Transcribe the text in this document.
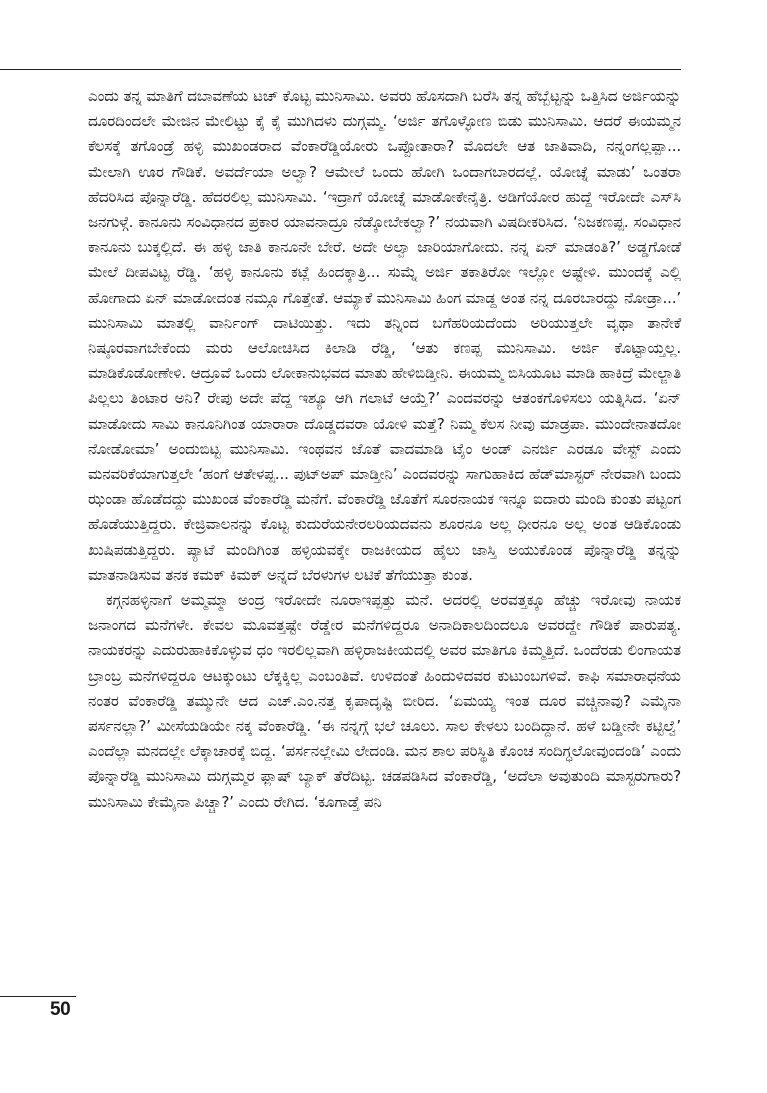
ಎಂದು ತನ್ನ ಮಾತಿಗೆ ದಬಾವಣೆಯ ಟಚ್ ಕೊಟ್ಟ ಮುನಿಸಾಮಿ. ಅವರು ಹೊಸದಾಗಿ ಬರೆಸಿ ತನ್ನ ಹೆಬ್ಬೆಟ್ಟನ್ನು ಒತ್ತಿಸಿದ ಅರ್ಜಿಯನ್ನು ದೂರದಿಂದಲೇ ಮೇಜಿನ ಮೇಲಿಟ್ಟು ಕೈ ಕೈ ಮುಗಿದಳು ದುಗ್ಗಮ್ಮ. ‘ಅರ್ಜಿ ತಗೊಳ್ಳೋಣ ಬಿಡು ಮುನಿಸಾಮಿ. ಆದರೆ ಈಯಮ್ಮನ ಕೆಲಸಕ್ಕೆ ತಗೊಂಡ್ರೆ ಹಳ್ಳಿ ಮುಖಂಡರಾದ ವೆಂಕಾರೆಡ್ಡಿಯೋರು ಒಪ್ಪೋತಾರಾ? ಮೊದಲೇ ಆತ ಜಾತಿವಾದಿ, ನನ್ನಂಗಲ್ಲಪ್ಪಾ... ಮೇಲಾಗಿ ಊರ ಗೌಡಿಕೆ. ಅವರ್ದೆಯಾ ಅಲ್ವಾ? ಆಮೇಲೆ ಒಂದು ಹೋಗಿ ಒಂದಾಗಬಾರದಲ್ಲೆ. ಯೋಚ್ನೆ ಮಾಡು’ ಒಂತರಾ ಹೆದರಿಸಿದ ಪೊನ್ನಾರೆಡ್ಡಿ. ಹೆದರಲಿಲ್ಲ ಮುನಿಸಾಮಿ. ‘ಇದ್ರಾಗೆ ಯೋಚ್ನೆ ಮಾಡೋಕೇನೈತ್ರಿ. ಅಡಿಗೆಯೋರ ಹುದ್ದೆ ಇರೋದೇ ಎಸ್‌ಸಿ ಜನಗುಳ್ಗೆ. ಕಾನೂನು ಸಂವಿಧಾನದ ಪ್ರಕಾರ ಯಾವನಾದ್ರೂ ನೆಡ್ಕೋಬೇಕಲ್ವಾ?’ ನಯವಾಗಿ ವಿಷದೀಕರಿಸಿದ. ‘ನಿಜಕಣಪ್ಪ. ಸಂವಿಧಾನ ಕಾನೂನು ಬುಕ್ಕಲ್ಲಿದೆ. ಈ ಹಳ್ಳಿ ಜಾತಿ ಕಾನೂನೇ ಬೇರೆ. ಅದೇ ಅಲ್ವಾ ಜಾರಿಯಾಗೋದು. ನನ್ನ ಏನ್ ಮಾಡಂತಿ?’ ಅಡ್ಡಗೋಡೆ ಮೇಲೆ ದೀಪವಿಟ್ಟ ರೆಡ್ಡಿ. ‘ಹಳ್ಳಿ ಕಾನೂನು ಕಟ್ಲೆ ಹಿಂದಕ್ಕಾತ್ರಿ... ಸುಮ್ನೆ ಅರ್ಜಿ ತಕಾತಿರೋ ಇಲ್ಲೋ ಅಷ್ಟೇಳಿ. ಮುಂದಕ್ಕೆ ಎಲ್ಲಿ ಹೋಗಾದು ಏನ್ ಮಾಡೋದಂತ ನಮ್ಗೂ ಗೊತ್ತೇತೆ. ಆಮ್ಯಾಕೆ ಮುನಿಸಾಮಿ ಹಿಂಗ ಮಾಡ್ದ ಅಂತ ನನ್ನ ದೂರಬಾರದ್ದು ನೋಡ್ರಾ...’ ಮುನಿಸಾಮಿ ಮಾತಲ್ಲಿ ವಾರ್ನಿಂಗ್ ದಾಟಿಯಿತ್ತು. ಇದು ತನ್ನಿಂದ ಬಗೆಹರಿಯದೆಂದು ಅರಿಯುತ್ತಲೇ ವೃಥಾ ತಾನೇಕೆ ನಿಷ್ಠೂರವಾಗಬೇಕೆಂದು ಮರು ಆಲೋಚಿಸಿದ ಕಿಲಾಡಿ ರೆಡ್ಡಿ, ‘ಆತು ಕಣಪ್ಪ ಮುನಿಸಾಮಿ. ಅರ್ಜಿ ಕೊಟ್ಟಾಯ್ತಲ್ಲ. ಮಾಡಿಕೊಡೋಣೇಳಿ. ಆದ್ರೂವೆ ಒಂದು ಲೋಕಾನುಭವದ ಮಾತು ಹೇಳಿಬಿಡ್ತೀನಿ. ಈಯಮ್ಮ ಬಿಸಿಯೂಟ ಮಾಡಿ ಹಾಕಿದ್ರೆ ಮೇಲ್ಜಾತಿ ಪಿಲ್ಲಲು ತಿಂಟಾರ ಅನಿ? ರೇಪು ಅದೇ ಪೆದ್ದ ಇಶ್ಯೂ ಆಗಿ ಗಲಾಟೆ ಆಯ್ತೆ?’ ಎಂದವರನ್ನು ಆತಂಕಗೊಳಿಸಲು ಯತ್ನಿಸಿದ. ‘ಏನ್ ಮಾಡೋದು ಸಾಮಿ ಕಾನೂನಿಗಿಂತ ಯಾರಾರಾ ದೊಡ್ಡದವರಾ ಯೋಳಿ ಮತ್ತೆ? ನಿಮ್ಮ ಕೆಲಸ ನೀವು ಮಾಡ್ರಪಾ. ಮುಂದೇನಾತದೋ ನೋಡೋಮಾ’ ಅಂದುಬಿಟ್ಟ ಮುನಿಸಾಮಿ. ಇಂಥವನ ಜೊತೆ ವಾದಮಾಡಿ ಟೈಂ ಅಂಡ್ ಎನರ್ಜಿ ಎರಡೂ ವೇಸ್ಟ್ ಎಂದು ಮನವರಿಕೆಯಾಗುತ್ತಲೇ ‘ಹಂಗೆ ಆತೇಳಪ್ಪ... ಪುಟ್‌ಅಪ್ ಮಾಡ್ತೀನಿ’ ಎಂದವರನ್ನು ಸಾಗುಹಾಕಿದ ಹೆಡ್‌ಮಾಸ್ಟರ್ ನೇರವಾಗಿ ಬಂದು ಝಂಡಾ ಹೊಡೆದದ್ದು ಮುಖಂಡ ವೆಂಕಾರೆಡ್ಡಿ ಮನೆಗೆ. ವೆಂಕಾರೆಡ್ಡಿ ಜೊತೆಗೆ ಸೂರನಾಯಕ ಇನ್ನೂ ಐದಾರು ಮಂದಿ ಕುಂತು ಪಟ್ಟಂಗ ಹೊಡೆಯುತ್ತಿದ್ದರು. ಕೇಜ್ರಿವಾಲನನ್ನು ಕೊಟ್ಟ ಕುದುರೆಯನೇರಲರಿಯದವನು ಶೂರನೂ ಅಲ್ಲ ಧೀರನೂ ಅಲ್ಲ ಅಂತ ಆಡಿಕೊಂಡು ಖುಷಿಪಡುತ್ತಿದ್ದರು. ಪ್ಯಾಟೆ ಮಂದಿಗಿಂತ ಹಳ್ಳಿಯವಕ್ಕೇ ರಾಜಕೀಯದ ಹೈಲು ಜಾಸ್ತಿ ಅಯುಕೊಂಡ ಪೊನ್ನಾರೆಡ್ಡಿ ತನ್ನನ್ನು ಮಾತನಾಡಿಸುವ ತನಕ ಕಮಕ್ ಕಿಮಕ್ ಅನ್ನದೆ ಬೆರಳುಗಳ ಲಟಿಕೆ ತೆಗೆಯುತ್ತಾ ಕುಂತ.

ಕಗ್ಗನಹಳ್ಳಿನಾಗೆ ಅಮ್ಮಮ್ಮಾ ಅಂದ್ರ ಇರೋದೇ ನೂರಾಇಪ್ಪತ್ತು ಮನೆ. ಅದರಲ್ಲಿ ಅರವತ್ತಕ್ಕೂ ಹೆಚ್ಚು ಇರೋವು ನಾಯಕ ಜನಾಂಗದ ಮನೆಗಳೇ. ಕೇವಲ ಮೂವತ್ತಷ್ಟೇ ರೆಡ್ಡೇರ ಮನೆಗಳಿದ್ದರೂ ಅನಾದಿಕಾಲದಿಂದಲೂ ಅವರದ್ದೇ ಗೌಡಿಕೆ ಪಾರುಪತ್ಯ. ನಾಯಕರನ್ನು ಎದುರುಹಾಕಿಕೊಳ್ಳುವ ಧಂ ಇರಲಿಲ್ಲವಾಗಿ ಹಳ್ಳಿರಾಜಕೀಯದಲ್ಲಿ ಅವರ ಮಾತಿಗೂ ಕಿಮ್ಮತ್ತಿದೆ. ಒಂದೆರಡು ಲಿಂಗಾಯತ ಬ್ರಾಂಬ್ರ ಮನೆಗಳಿದ್ದರೂ ಆಟಕ್ಕುಂಟು ಲೆಕ್ಕಕ್ಕಿಲ್ಲ ಎಂಬಂತಿವೆ. ಉಳಿದಂತೆ ಹಿಂದುಳಿದವರ ಕುಟುಂಬಗಳಿವೆ. ಕಾಫಿ ಸಮಾರಾಧನೆಯ ನಂತರ ವೆಂಕಾರೆಡ್ಡಿ ತಮ್ಮುನೇ ಆದ ಎಚ್.ಎಂ.ನತ್ತ ಕೃಪಾದೃಷ್ಟಿ ಬೀರಿದ. ‘ಏಮಯ್ಯ ಇಂತ ದೂರ ವಚ್ಚಿನಾವು? ಎಮೈನಾ ಪರ್ಸನಲ್ಲಾ?’ ಮೀಸೆಯಡಿಯೇ ನಕ್ಕ ವೆಂಕಾರೆಡ್ಡಿ. ‘ಈ ನನ್ನಗ್ಗೆ ಭಲೆ ಚೂಲು. ಸಾಲ ಕೇಳಲು ಬಂದಿದ್ದಾನೆ. ಹಳೆ ಬಡ್ಡೀನೇ ಕಟ್ಟಿಲ್ವೆ’ ಎಂದೆಲ್ಲಾ ಮನದಲ್ಲೇ ಲೆಕ್ಕಾಚಾರಕ್ಕೆ ಬಿದ್ದ. ‘ಪರ್ಸನಲ್ಲೇಮಿ ಲೇದಂಡಿ. ಮನ ಶಾಲ ಪರಿಸ್ಥಿತಿ ಕೊಂಚ ಸಂದಿಗ್ಧಲೋವುಂದಂಡಿ’ ಎಂದು ಪೊನ್ನಾರೆಡ್ಡಿ ಮುನಿಸಾಮಿ ದುಗ್ಗಮ್ಮರ ಫ್ಲಾಷ್ ಬ್ಯಾಕ್ ತೆರೆದಿಟ್ಟ. ಚಡಪಡಿಸಿದ ವೆಂಕಾರೆಡ್ಡಿ, ‘ಅದೆಲಾ ಅವುತುಂದಿ ಮಾಸ್ಟರುಗಾರು? ಮುನಿಸಾಮಿ ಕೇಮೈನಾ ಪಿಚ್ಚಾ?’ ಎಂದು ರೇಗಿದ. ‘ಕೂಗಾಡ್ತೆ ಪನಿ

50
